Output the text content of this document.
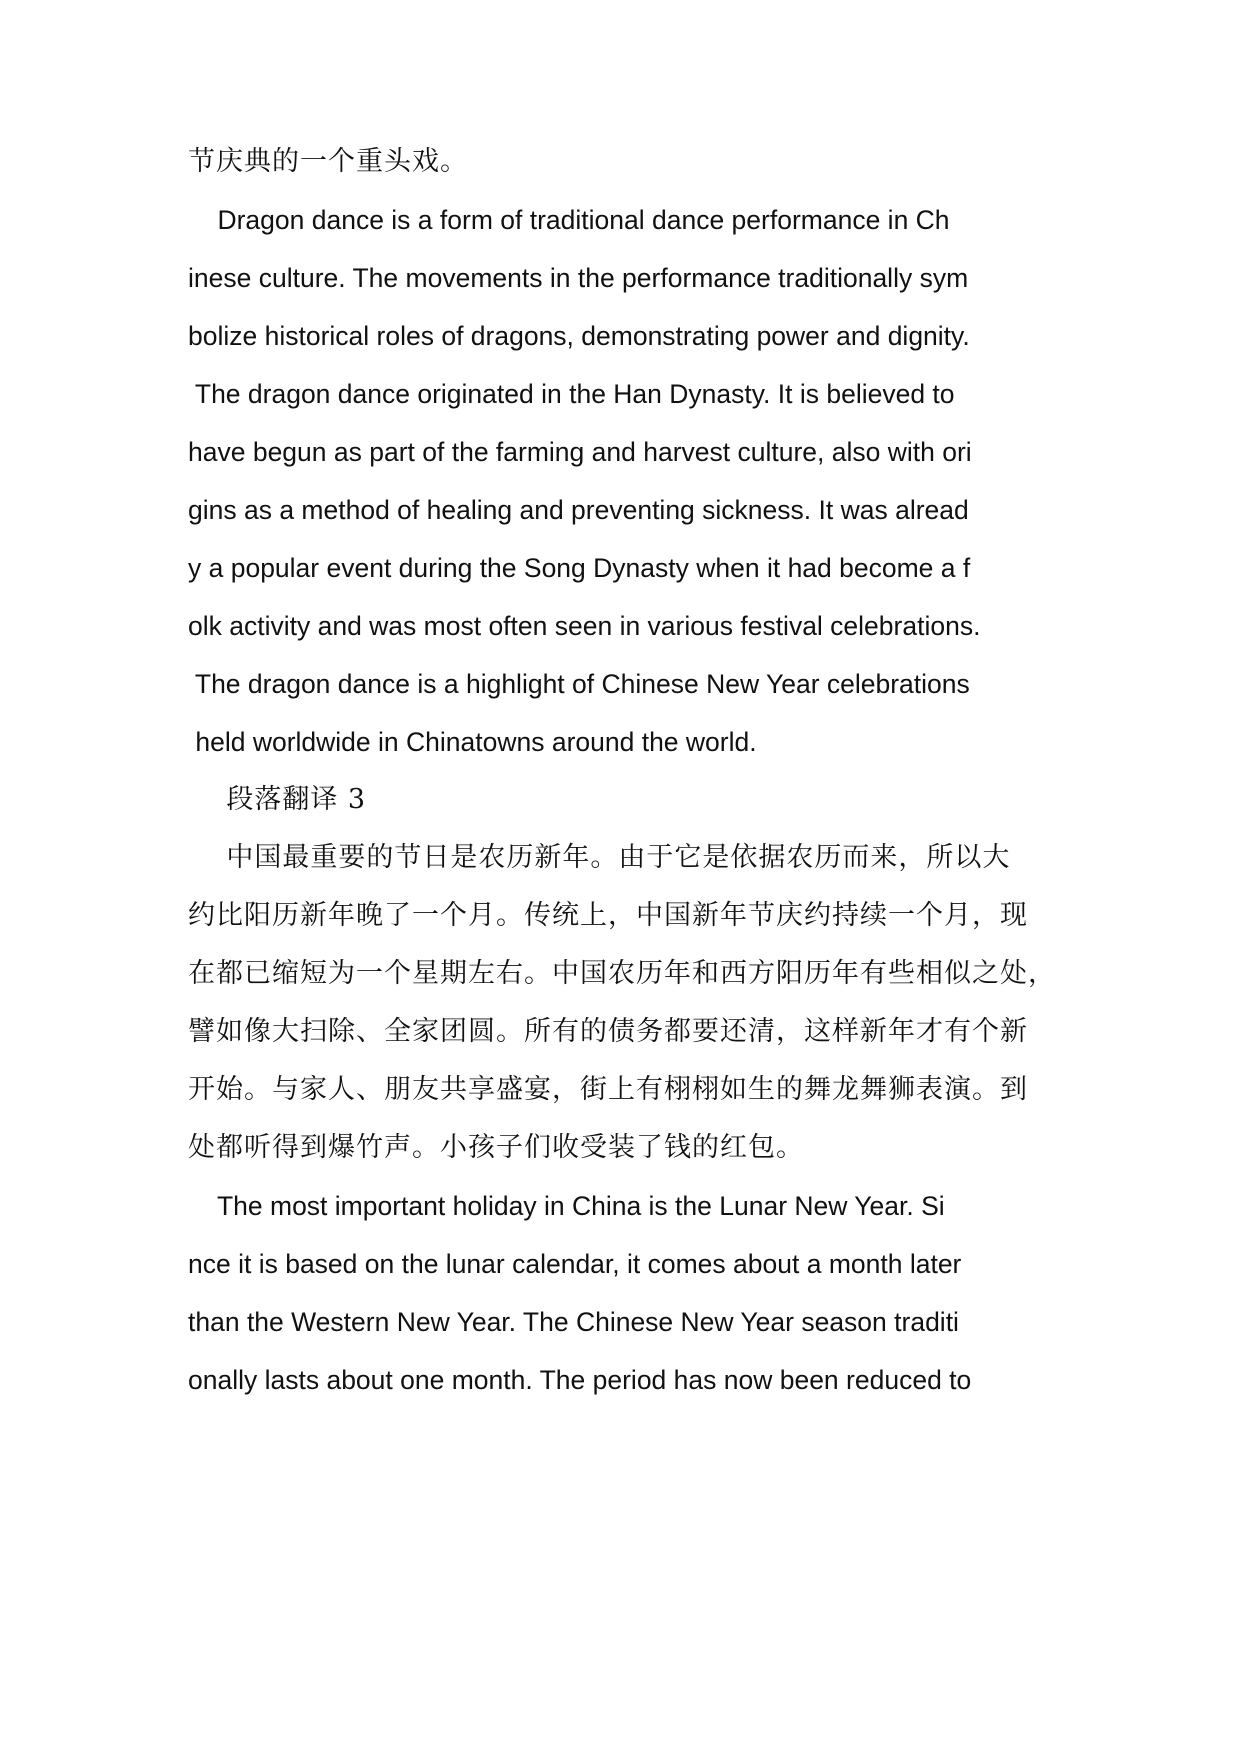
节庆典的一个重头戏。
Dragon dance is a form of traditional dance performance in Ch
inese culture. The movements in the performance traditionally sym
bolize historical roles of dragons, demonstrating power and dignity.
The dragon dance originated in the Han Dynasty. It is believed to
have begun as part of the farming and harvest culture, also with ori
gins as a method of healing and preventing sickness. It was alread
y a popular event during the Song Dynasty when it had become a f
olk activity and was most often seen in various festival celebrations.
The dragon dance is a highlight of Chinese New Year celebrations
held worldwide in Chinatowns around the world.
段落翻译 3
中国最重要的节日是农历新年。由于它是依据农历而来，所以大
约比阳历新年晚了一个月。传统上，中国新年节庆约持续一个月，现
在都已缩短为一个星期左右。中国农历年和西方阳历年有些相似之处，
譬如像大扫除、全家团圆。所有的债务都要还清，这样新年才有个新
开始。与家人、朋友共享盛宴，街上有栩栩如生的舞龙舞狮表演。到
处都听得到爆竹声。小孩子们收受装了钱的红包。
The most important holiday in China is the Lunar New Year. Si
nce it is based on the lunar calendar, it comes about a month later
than the Western New Year. The Chinese New Year season traditi
onally lasts about one month. The period has now been reduced to
